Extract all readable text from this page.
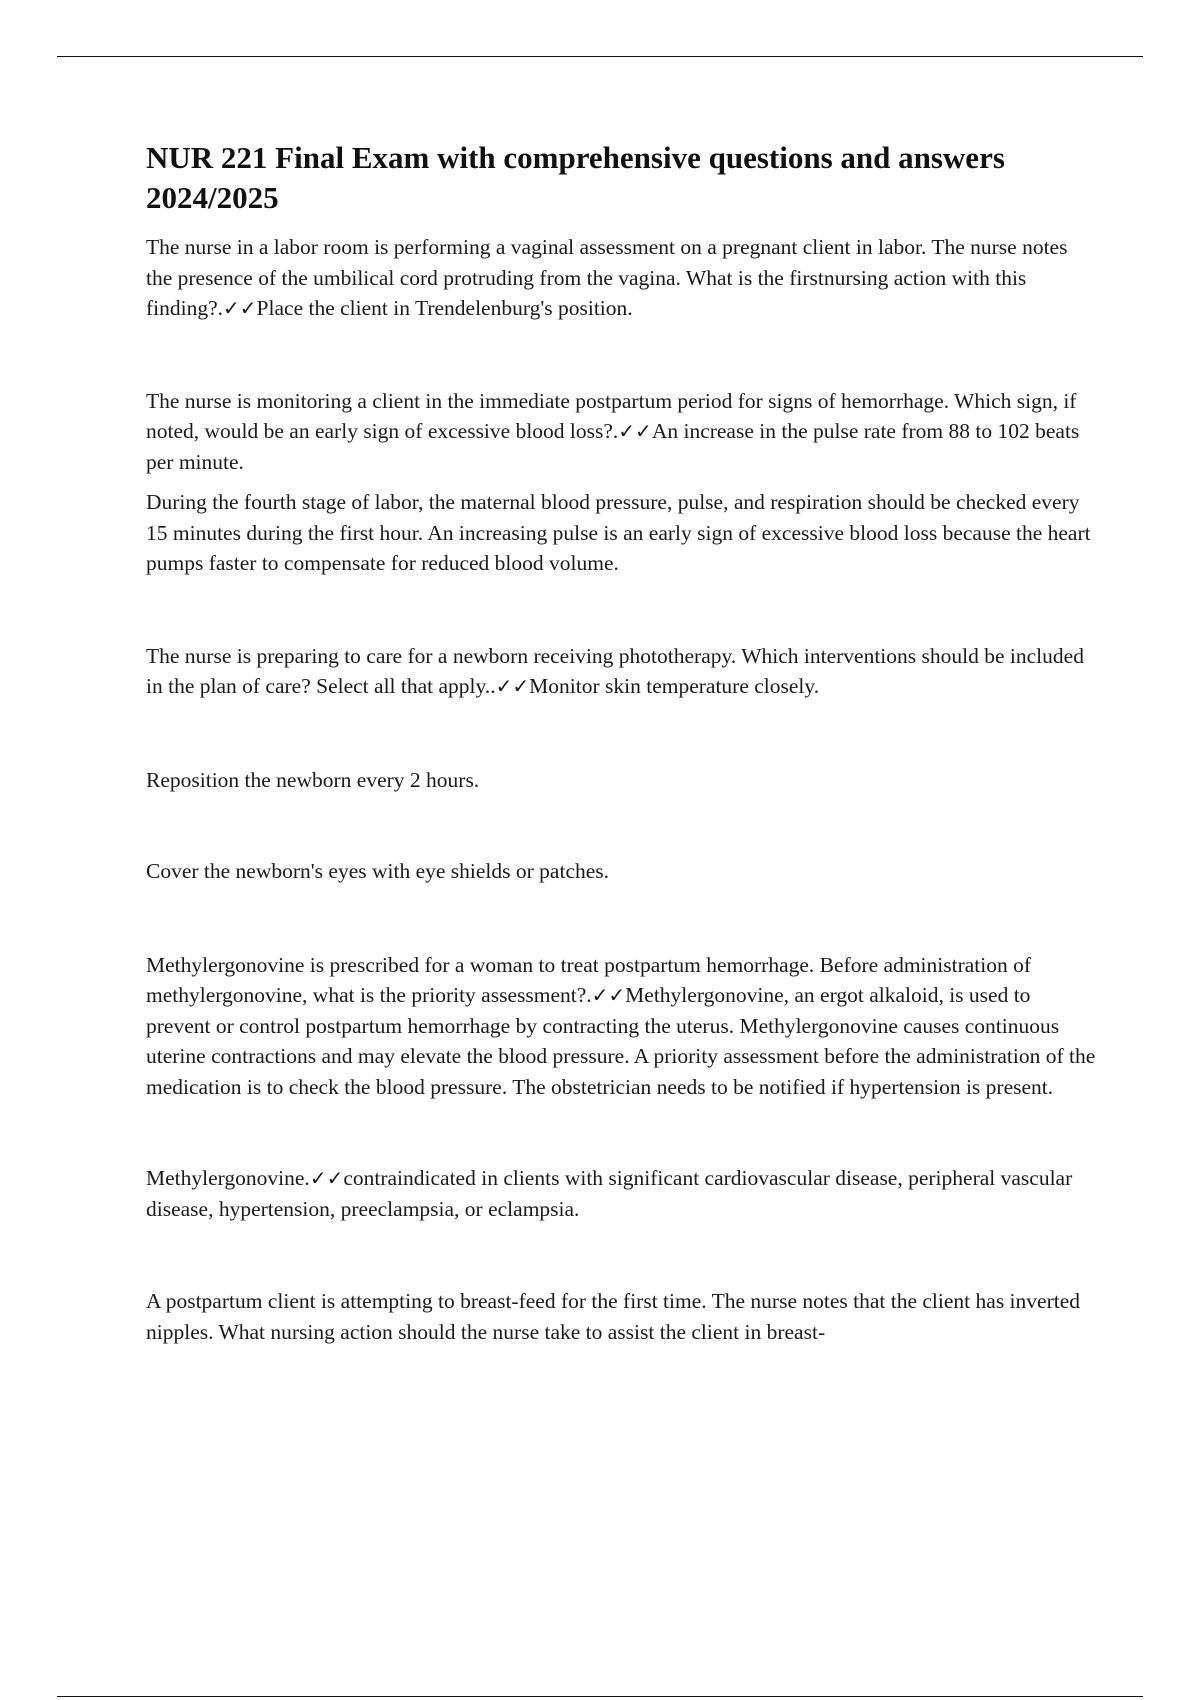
NUR 221 Final Exam with comprehensive questions and answers 2024/2025

The nurse in a labor room is performing a vaginal assessment on a pregnant client in labor. The nurse notes the presence of the umbilical cord protruding from the vagina. What is the firstnursing action with this finding?.✓✓Place the client in Trendelenburg's position.

The nurse is monitoring a client in the immediate postpartum period for signs of hemorrhage. Which sign, if noted, would be an early sign of excessive blood loss?.✓✓An increase in the pulse rate from 88 to 102 beats per minute.

During the fourth stage of labor, the maternal blood pressure, pulse, and respiration should be checked every 15 minutes during the first hour. An increasing pulse is an early sign of excessive blood loss because the heart pumps faster to compensate for reduced blood volume.

The nurse is preparing to care for a newborn receiving phototherapy. Which interventions should be included in the plan of care? Select all that apply..✓✓Monitor skin temperature closely.

Reposition the newborn every 2 hours.

Cover the newborn's eyes with eye shields or patches.

Methylergonovine is prescribed for a woman to treat postpartum hemorrhage. Before administration of methylergonovine, what is the priority assessment?.✓✓Methylergonovine, an ergot alkaloid, is used to prevent or control postpartum hemorrhage by contracting the uterus. Methylergonovine causes continuous uterine contractions and may elevate the blood pressure. A priority assessment before the administration of the medication is to check the blood pressure. The obstetrician needs to be notified if hypertension is present.

Methylergonovine.✓✓contraindicated in clients with significant cardiovascular disease, peripheral vascular disease, hypertension, preeclampsia, or eclampsia.

A postpartum client is attempting to breast-feed for the first time. The nurse notes that the client has inverted nipples. What nursing action should the nurse take to assist the client in breast-
